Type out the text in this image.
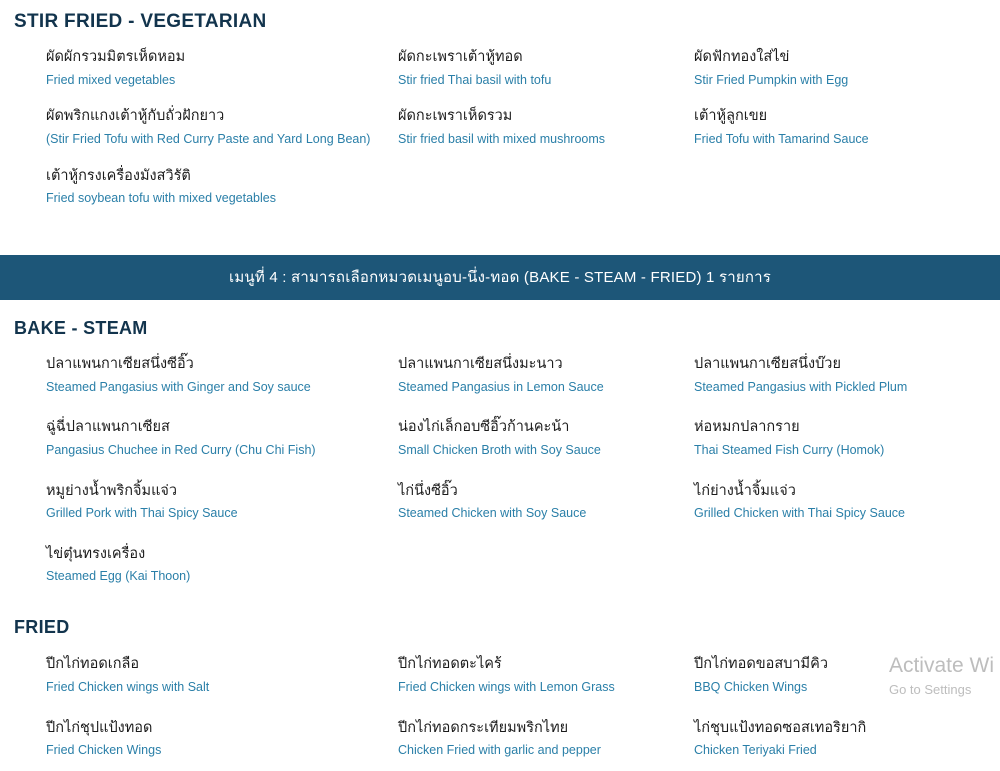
STIR FRIED - VEGETARIAN
ผัดผักรวมมิตรเห็ดหอม
Fried mixed vegetables
ผัดกะเพราเต้าหู้ทอด
Stir fried Thai basil with tofu
ผัดฟักทองใส่ไข่
Stir Fried Pumpkin with Egg
ผัดพริกแกงเต้าหู้กับถั่วฝักยาว
(Stir Fried Tofu with Red Curry Paste and Yard Long Bean)
ผัดกะเพราเห็ดรวม
Stir fried basil with mixed mushrooms
เต้าหู้ลูกเขย
Fried Tofu with Tamarind Sauce
เต้าหู้กรงเครื่องมังสวิรัติ
Fried soybean tofu with mixed vegetables
เมนูที่ 4 : สามารถเลือกหมวดเมนูอบ-นึ่ง-ทอด (BAKE - STEAM - FRIED) 1 รายการ
BAKE - STEAM
ปลาแพนกาเซียสนึ่งซีอิ๊ว
Steamed Pangasius with Ginger and Soy sauce
ปลาแพนกาเซียสนึ่งมะนาว
Steamed Pangasius in Lemon Sauce
ปลาแพนกาเซียสนึ่งบ๊วย
Steamed Pangasius with Pickled Plum
ฉู่ฉี่ปลาแพนกาเซียส
Pangasius Chuchee in Red Curry (Chu Chi Fish)
น่องไก่เล็กอบซีอิ๊วก้านคะน้า
Small Chicken Broth with Soy Sauce
ห่อหมกปลากราย
Thai Steamed Fish Curry (Homok)
หมูย่างน้ำพริกจิ้มแจ่ว
Grilled Pork with Thai Spicy Sauce
ไก่นึ่งซีอิ๊ว
Steamed Chicken with Soy Sauce
ไก่ย่างน้ำจิ้มแจ่ว
Grilled Chicken with Thai Spicy Sauce
ไข่ตุ๋นทรงเครื่อง
Steamed Egg (Kai Thoon)
FRIED
ปีกไก่ทอดเกลือ
Fried Chicken wings with Salt
ปีกไก่ทอดตะไคร้
Fried Chicken wings with Lemon Grass
ปีกไก่ทอดขอสบามีคิว
BBQ Chicken Wings
ปีกไก่ชุปแป้งทอด
Fried Chicken Wings
ปีกไก่ทอดกระเทียมพริกไทย
Chicken Fried with garlic and pepper
ไก่ชุบแป้งทอดซอสเทอริยากิ
Chicken Teriyaki Fried
Activate Wi
Go to Settings
